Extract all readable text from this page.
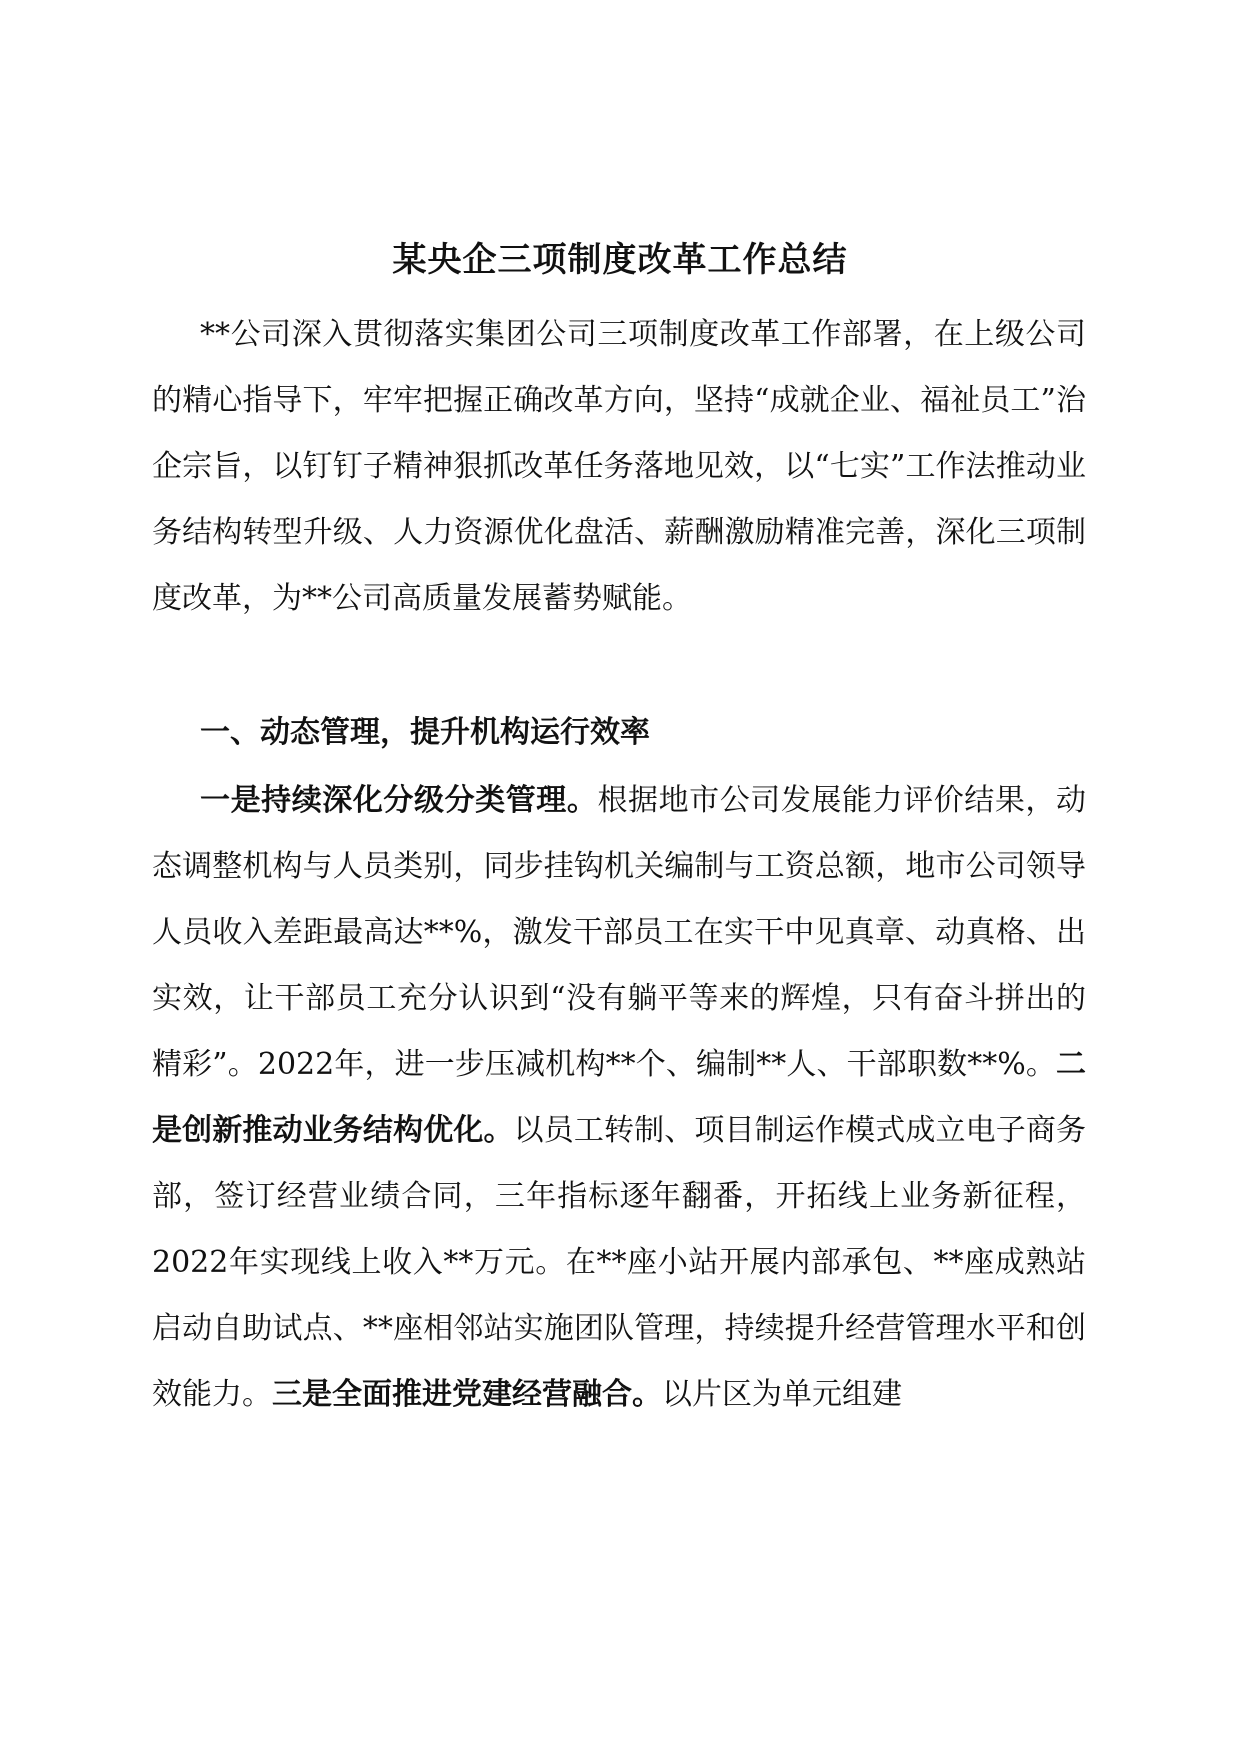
某央企三项制度改革工作总结

**公司深入贯彻落实集团公司三项制度改革工作部署，在上级公司的精心指导下，牢牢把握正确改革方向，坚持“成就企业、福祉员工”治企宗旨，以钉钉子精神狠抓改革任务落地见效，以“七实”工作法推动业务结构转型升级、人力资源优化盘活、薪酬激励精准完善，深化三项制度改革，为**公司高质量发展蓄势赋能。

一、动态管理，提升机构运行效率

一是持续深化分级分类管理。根据地市公司发展能力评价结果，动态调整机构与人员类别，同步挂钩机关编制与工资总额，地市公司领导人员收入差距最高达**%，激发干部员工在实干中见真章、动真格、出实效，让干部员工充分认识到“没有躺平等来的辉煌，只有奋斗拼出的精彩”。2022年，进一步压减机构**个、编制**人、干部职数**%。二是创新推动业务结构优化。以员工转制、项目制运作模式成立电子商务部，签订经营业绩合同，三年指标逐年翻番，开拓线上业务新征程，2022年实现线上收入**万元。在**座小站开展内部承包、**座成熟站启动自助试点、**座相邻站实施团队管理，持续提升经营管理水平和创效能力。三是全面推进党建经营融合。以片区为单元组建
